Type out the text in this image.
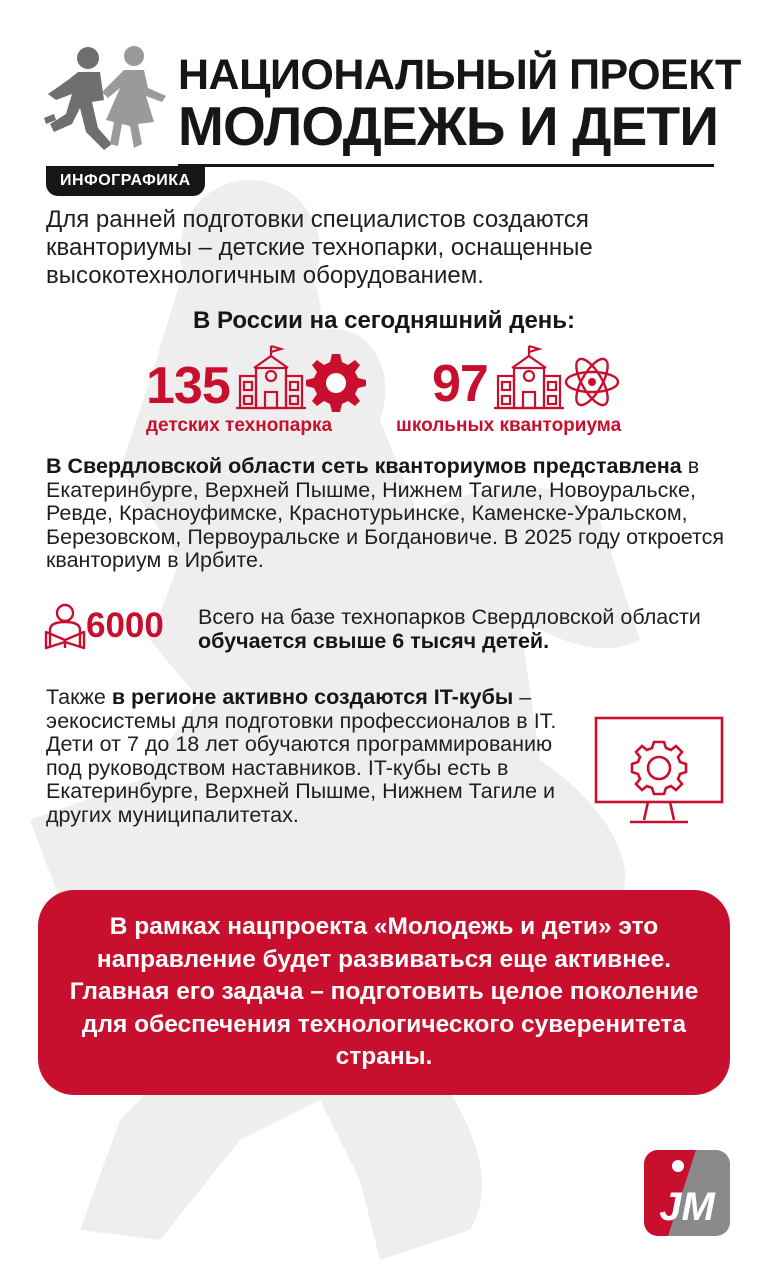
НАЦИОНАЛЬНЫЙ ПРОЕКТ
МОЛОДЕЖЬ И ДЕТИ
ИНФОГРАФИКА
Для ранней подготовки специалистов создаются кванториумы – детские технопарки, оснащенные высокотехнологичным оборудованием.
В России на сегодняшний день:
135
детских технопарка
97
школьных кванториума
В Свердловской области сеть кванториумов представлена в Екатеринбурге, Верхней Пышме, Нижнем Тагиле, Новоуральске, Ревде, Красноуфимске, Краснотурьинске, Каменске-Уральском, Березовском, Первоуральске и Богдановиче. В 2025 году откроется кванториум в Ирбите.
6000 Всего на базе технопарков Свердловской области обучается свыше 6 тысяч детей.
Также в регионе активно создаются IT-кубы – эекосистемы для подготовки профессионалов в IT. Дети от 7 до 18 лет обучаются программированию под руководством наставников. IT-кубы есть в Екатеринбурге, Верхней Пышме, Нижнем Тагиле и других муниципалитетах.
В рамках нацпроекта «Молодежь и дети» это направление будет развиваться еще активнее. Главная его задача – подготовить целое поколение для обеспечения технологического суверенитета страны.
JM
